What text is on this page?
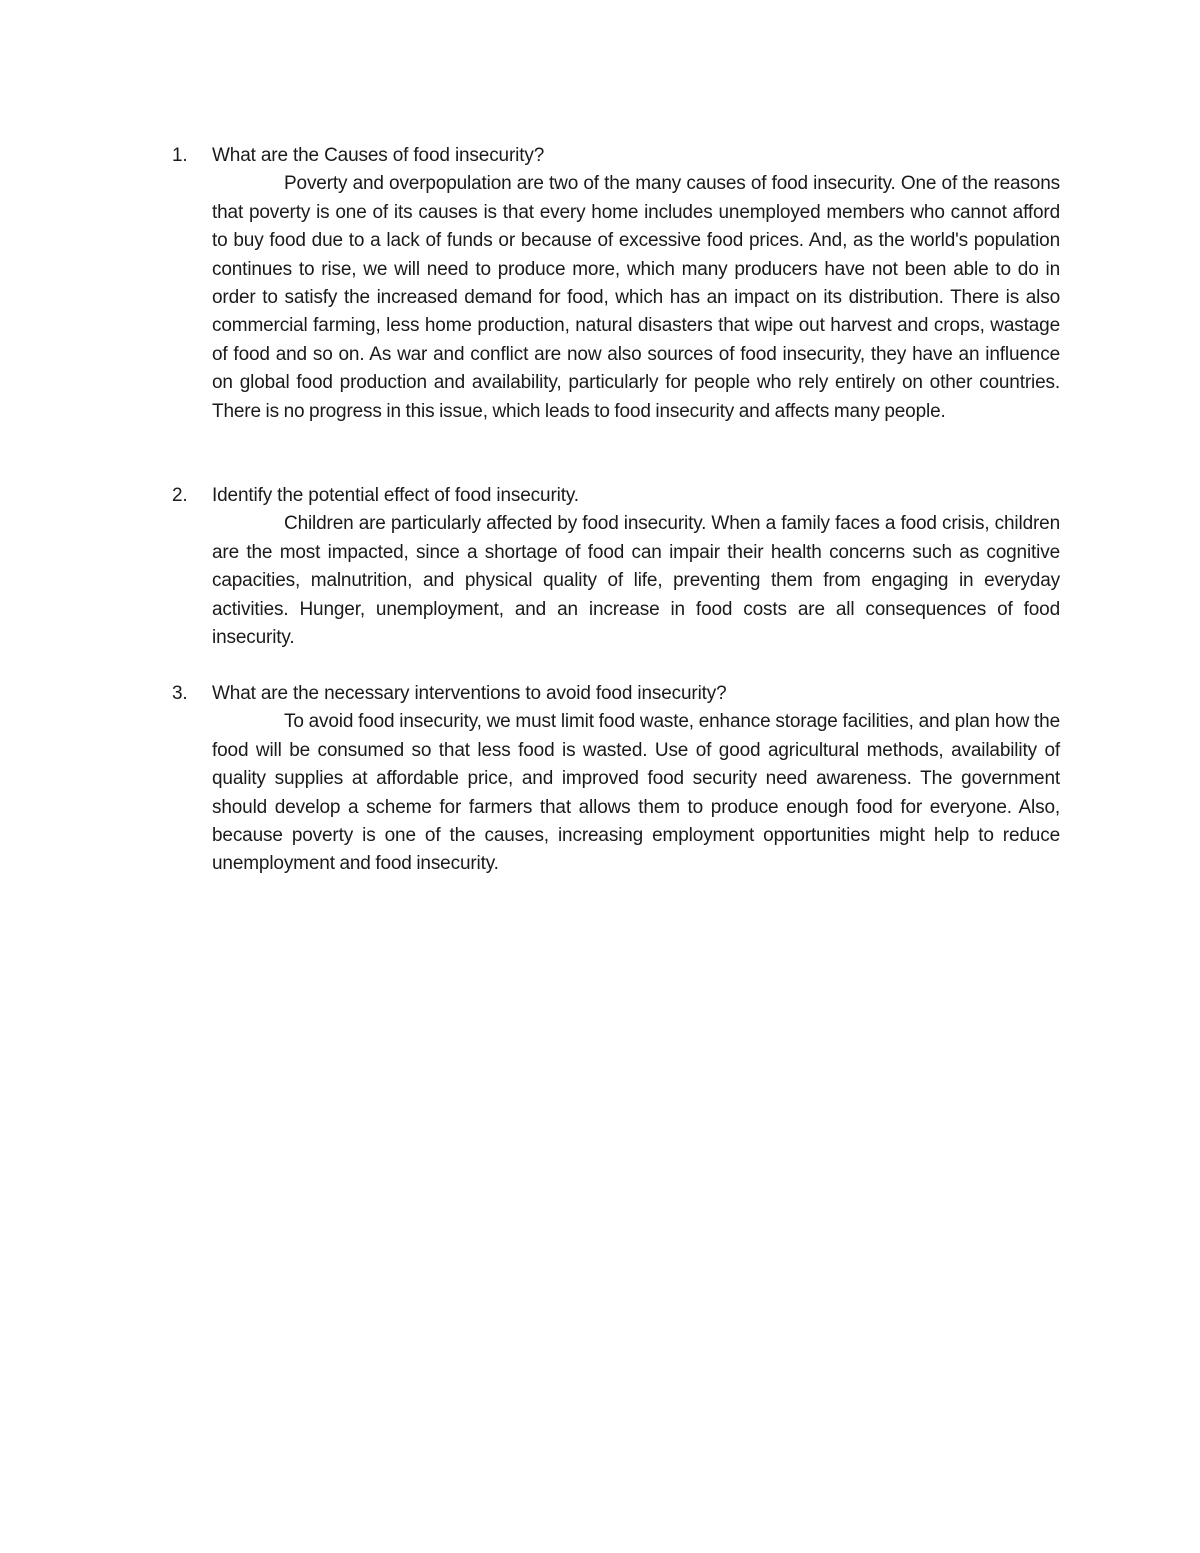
1.	What are the Causes of food insecurity?

Poverty and overpopulation are two of the many causes of food insecurity. One of the reasons that poverty is one of its causes is that every home includes unemployed members who cannot afford to buy food due to a lack of funds or because of excessive food prices. And, as the world's population continues to rise, we will need to produce more, which many producers have not been able to do in order to satisfy the increased demand for food, which has an impact on its distribution. There is also commercial farming, less home production, natural disasters that wipe out harvest and crops, wastage of food and so on. As war and conflict are now also sources of food insecurity, they have an influence on global food production and availability, particularly for people who rely entirely on other countries. There is no progress in this issue, which leads to food insecurity and affects many people.

2.	Identify the potential effect of food insecurity.

Children are particularly affected by food insecurity. When a family faces a food crisis, children are the most impacted, since a shortage of food can impair their health concerns such as cognitive capacities, malnutrition, and physical quality of life, preventing them from engaging in everyday activities. Hunger, unemployment, and an increase in food costs are all consequences of food insecurity.

3.	What are the necessary interventions to avoid food insecurity?

To avoid food insecurity, we must limit food waste, enhance storage facilities, and plan how the food will be consumed so that less food is wasted. Use of good agricultural methods, availability of quality supplies at affordable price, and improved food security need awareness. The government should develop a scheme for farmers that allows them to produce enough food for everyone. Also, because poverty is one of the causes, increasing employment opportunities might help to reduce unemployment and food insecurity.
